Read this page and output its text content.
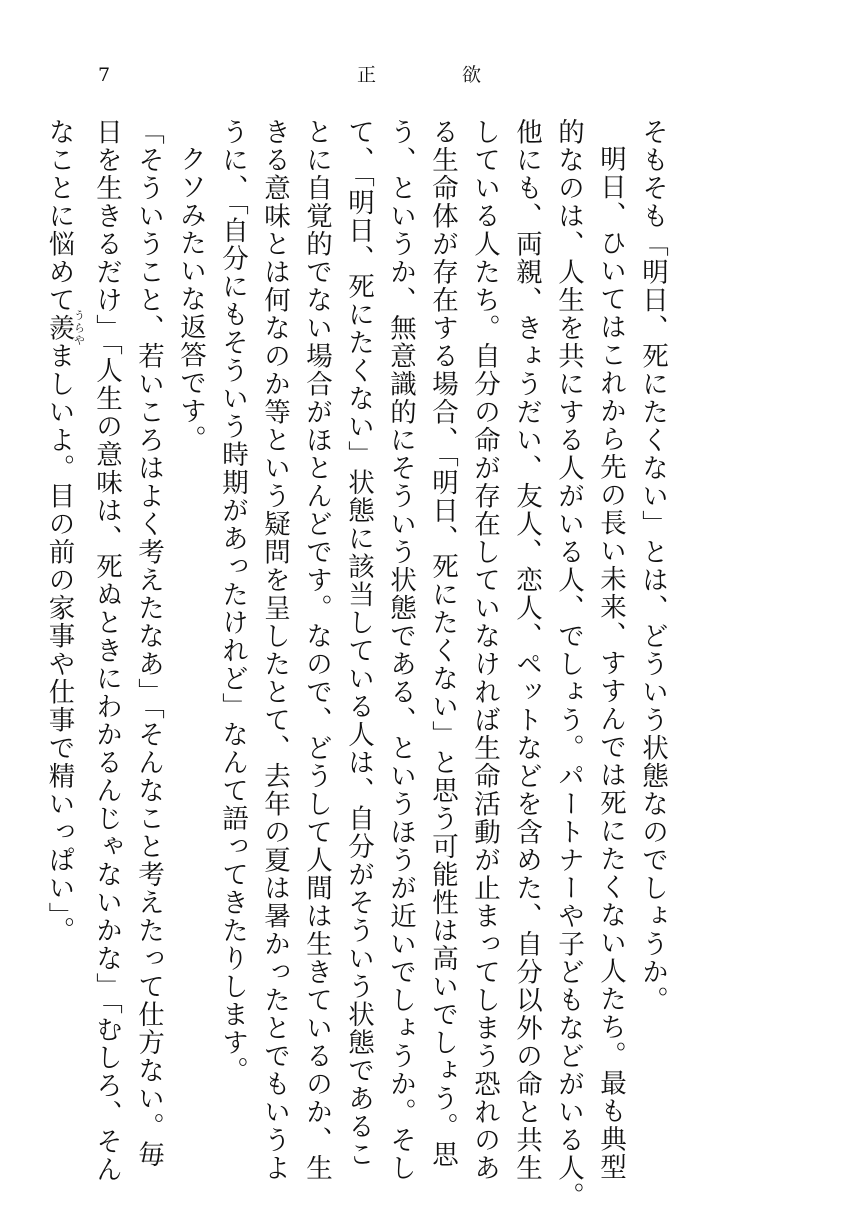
7	正	欲
そもそも「明日、死にたくない」とは、どういう状態なのでしょうか。
明日、ひいてはこれから先の長い未来、すすんでは死にたくない人たち。最も典型
的なのは、人生を共にする人がいる人、でしょう。パートナーや子どもなどがいる人。
他にも、両親、きょうだい、友人、恋人、ペットなどを含めた、自分以外の命と共生
している人たち。自分の命が存在していなければ生命活動が止まってしまう恐れのあ
る生命体が存在する場合、「明日、死にたくない」と思う可能性は高いでしょう。思
う、というか、無意識的にそういう状態である、というほうが近いでしょうか。そし
て、「明日、死にたくない」状態に該当している人は、自分がそういう状態であるこ
とに自覚的でない場合がほとんどです。なので、どうして人間は生きているのか、生
きる意味とは何なのか等という疑問を呈したとて、去年の夏は暑かったとでもいうよ
うに、「自分にもそういう時期があったけれど」なんて語ってきたりします。
クソみたいな返答です。
「そういうこと、若いころはよく考えたなあ」「そんなこと考えたって仕方ない。毎
日を生きるだけ」「人生の意味は、死ぬときにわかるんじゃないかな」「むしろ、そん
なことに悩めて羨うらやましいよ。目の前の家事や仕事で精いっぱい」。
